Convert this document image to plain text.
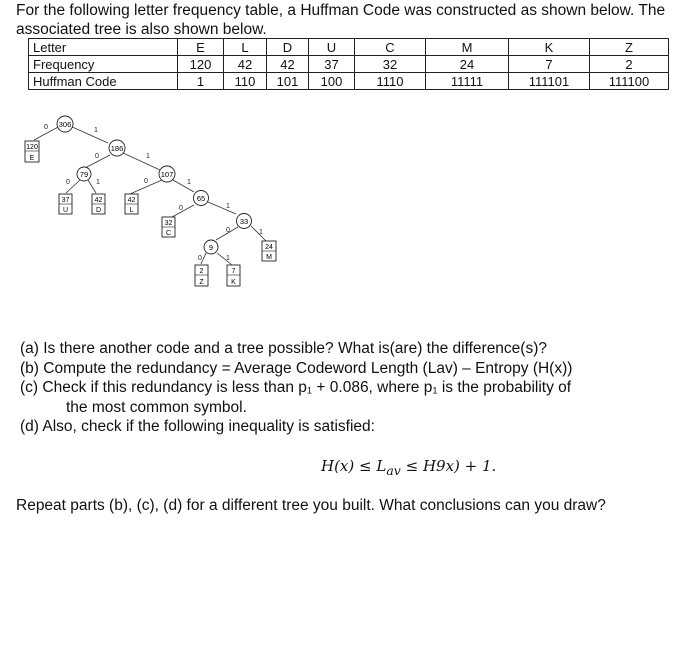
For the following letter frequency table, a Huffman Code was constructed as shown below. The associated tree is also shown below.
Letter	E	L	D	U	C	M	K	Z
Frequency	120	42	42	37	32	24	7	2
Huffman Code	1	110	101	100	1110	11111	111101	111100
0	1
0	1
0	1	0	1
0	1
0	1
0	1
306
186
79	107
65
33
9
120
E
37
U
42
D
42
L
32
C
24
M
2
Z
7
K
(a) Is there another code and a tree possible? What is(are) the difference(s)?
(b) Compute the redundancy = Average Codeword Length (Lav) – Entropy (H(x))
(c) Check if this redundancy is less than p₁ + 0.086, where p₁ is the probability of
the most common symbol.
(d) Also, check if the following inequality is satisfied:
$H(x) \le L_{av} \le H9x) + 1$.
Repeat parts (b), (c), (d) for a different tree you built. What conclusions can you draw?
